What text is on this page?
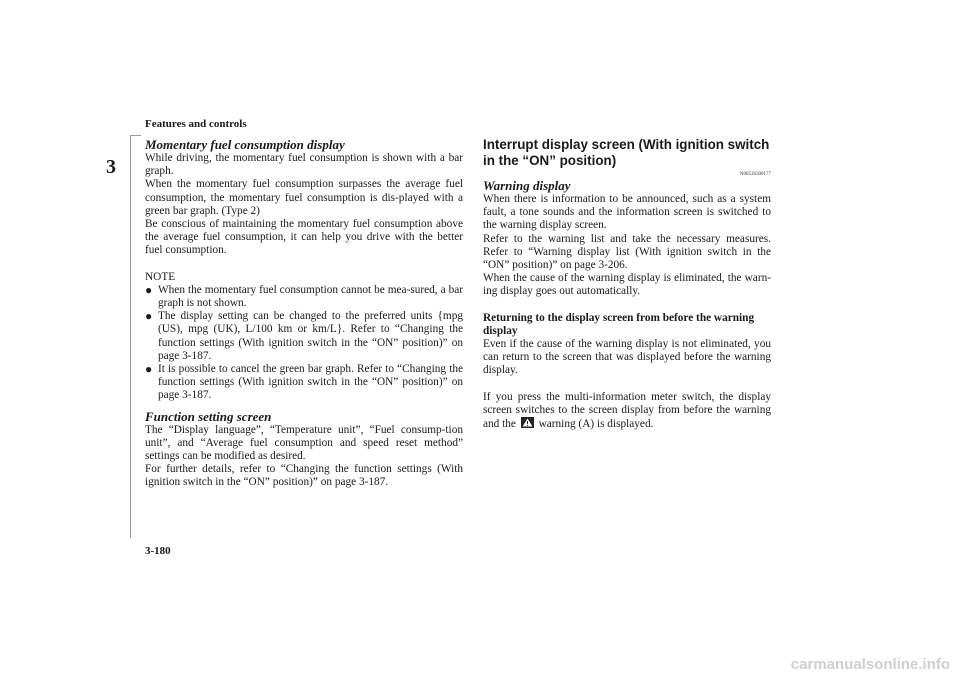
Features and controls
3

Momentary fuel consumption display

While driving, the momentary fuel consumption is shown with a bar graph.

When the momentary fuel consumption surpasses the average fuel consumption, the momentary fuel consumption is dis-played with a green bar graph. (Type 2)

Be conscious of maintaining the momentary fuel consumption above the average fuel consumption, it can help you drive with the better fuel consumption.

NOTE

● When the momentary fuel consumption cannot be mea-sured, a bar graph is not shown.
● The display setting can be changed to the preferred units {mpg (US), mpg (UK), L/100 km or km/L}. Refer to “Changing the function settings (With ignition switch in the “ON” position)” on page 3-187.
● It is possible to cancel the green bar graph. Refer to “Changing the function settings (With ignition switch in the “ON” position)” on page 3-187.

Function setting screen

The “Display language”, “Temperature unit”, “Fuel consump-tion unit”, and “Average fuel consumption and speed reset method” settings can be modified as desired.

For further details, refer to “Changing the function settings (With ignition switch in the “ON” position)” on page 3-187.

Interrupt display screen (With ignition switch in the “ON” position)

N00536300177

Warning display

When there is information to be announced, such as a system fault, a tone sounds and the information screen is switched to the warning display screen.

Refer to the warning list and take the necessary measures. Refer to “Warning display list (With ignition switch in the “ON” position)” on page 3-206.

When the cause of the warning display is eliminated, the warn-ing display goes out automatically.

Returning to the display screen from before the warning display

Even if the cause of the warning display is not eliminated, you can return to the screen that was displayed before the warning display.

If you press the multi-information meter switch, the display screen switches to the screen display from before the warning and the warning (A) is displayed.

3-180
carmanualsonline.info
